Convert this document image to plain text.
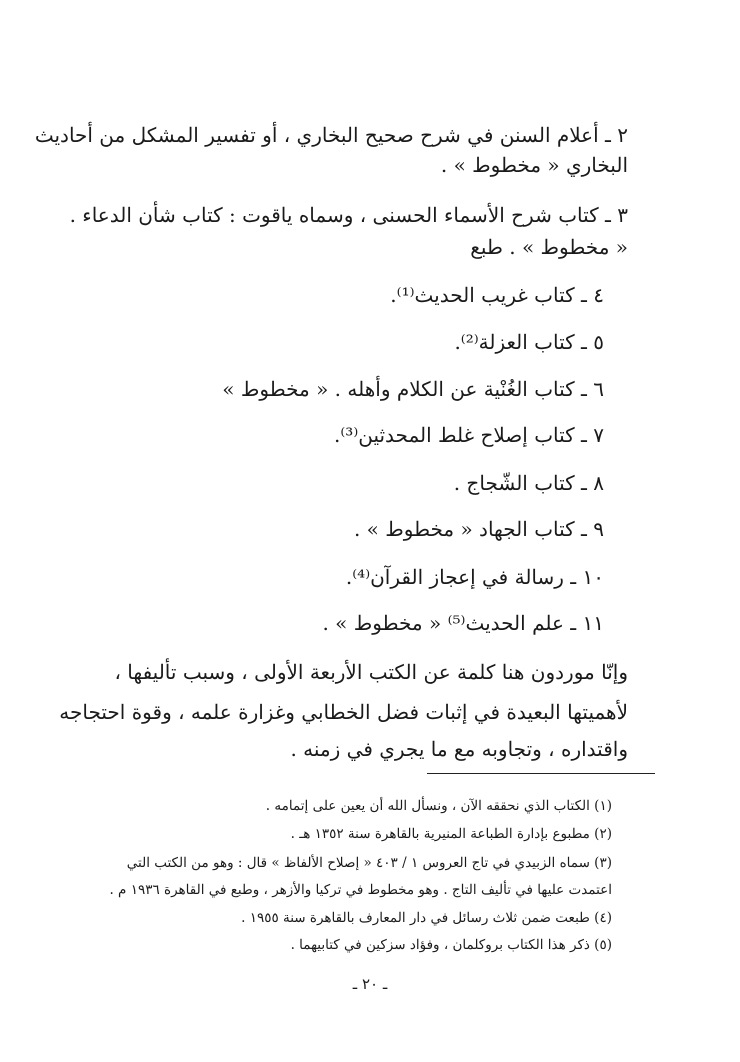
٢ ـ أعلام السنن في شرح صحيح البخاري ، أو تفسير المشكل من أحاديث
البخاري « مخطوط » .
٣ ـ كتاب شرح الأسماء الحسنى ، وسماه ياقوت : كتاب شأن الدعاء .
« مخطوط » . طبع
٤ ـ كتاب غريب الحديث⁽¹⁾.
٥ ـ كتاب العزلة⁽²⁾.
٦ ـ كتاب الغُنْية عن الكلام وأهله . « مخطوط »
٧ ـ كتاب إصلاح غلط المحدثين⁽³⁾.
٨ ـ كتاب الشّجاج .
٩ ـ كتاب الجهاد « مخطوط » .
١٠ ـ رسالة في إعجاز القرآن⁽⁴⁾.
١١ ـ علم الحديث⁽⁵⁾ « مخطوط » .
وإنّا موردون هنا كلمة عن الكتب الأربعة الأولى ، وسبب تأليفها ،
لأهميتها البعيدة في إثبات فضل الخطابي وغزارة علمه ، وقوة احتجاجه
واقتداره ، وتجاوبه مع ما يجري في زمنه .
(١) الكتاب الذي نحققه الآن ، ونسأل الله أن يعين على إتمامه .
(٢) مطبوع بإدارة الطباعة المنيرية بالقاهرة سنة ١٣٥٢ هـ .
(٣) سماه الزبيدي في تاج العروس ١ / ٤٠٣ « إصلاح الألفاظ » قال : وهو من الكتب التي
اعتمدت عليها في تأليف التاج . وهو مخطوط في تركيا والأزهر ، وطبع في القاهرة ١٩٣٦ م .
(٤) طبعت ضمن ثلاث رسائل في دار المعارف بالقاهرة سنة ١٩٥٥ .
(٥) ذكر هذا الكتاب بروكلمان ، وفؤاد سزكين في كتابيهما .
ـ ٢٠ ـ
